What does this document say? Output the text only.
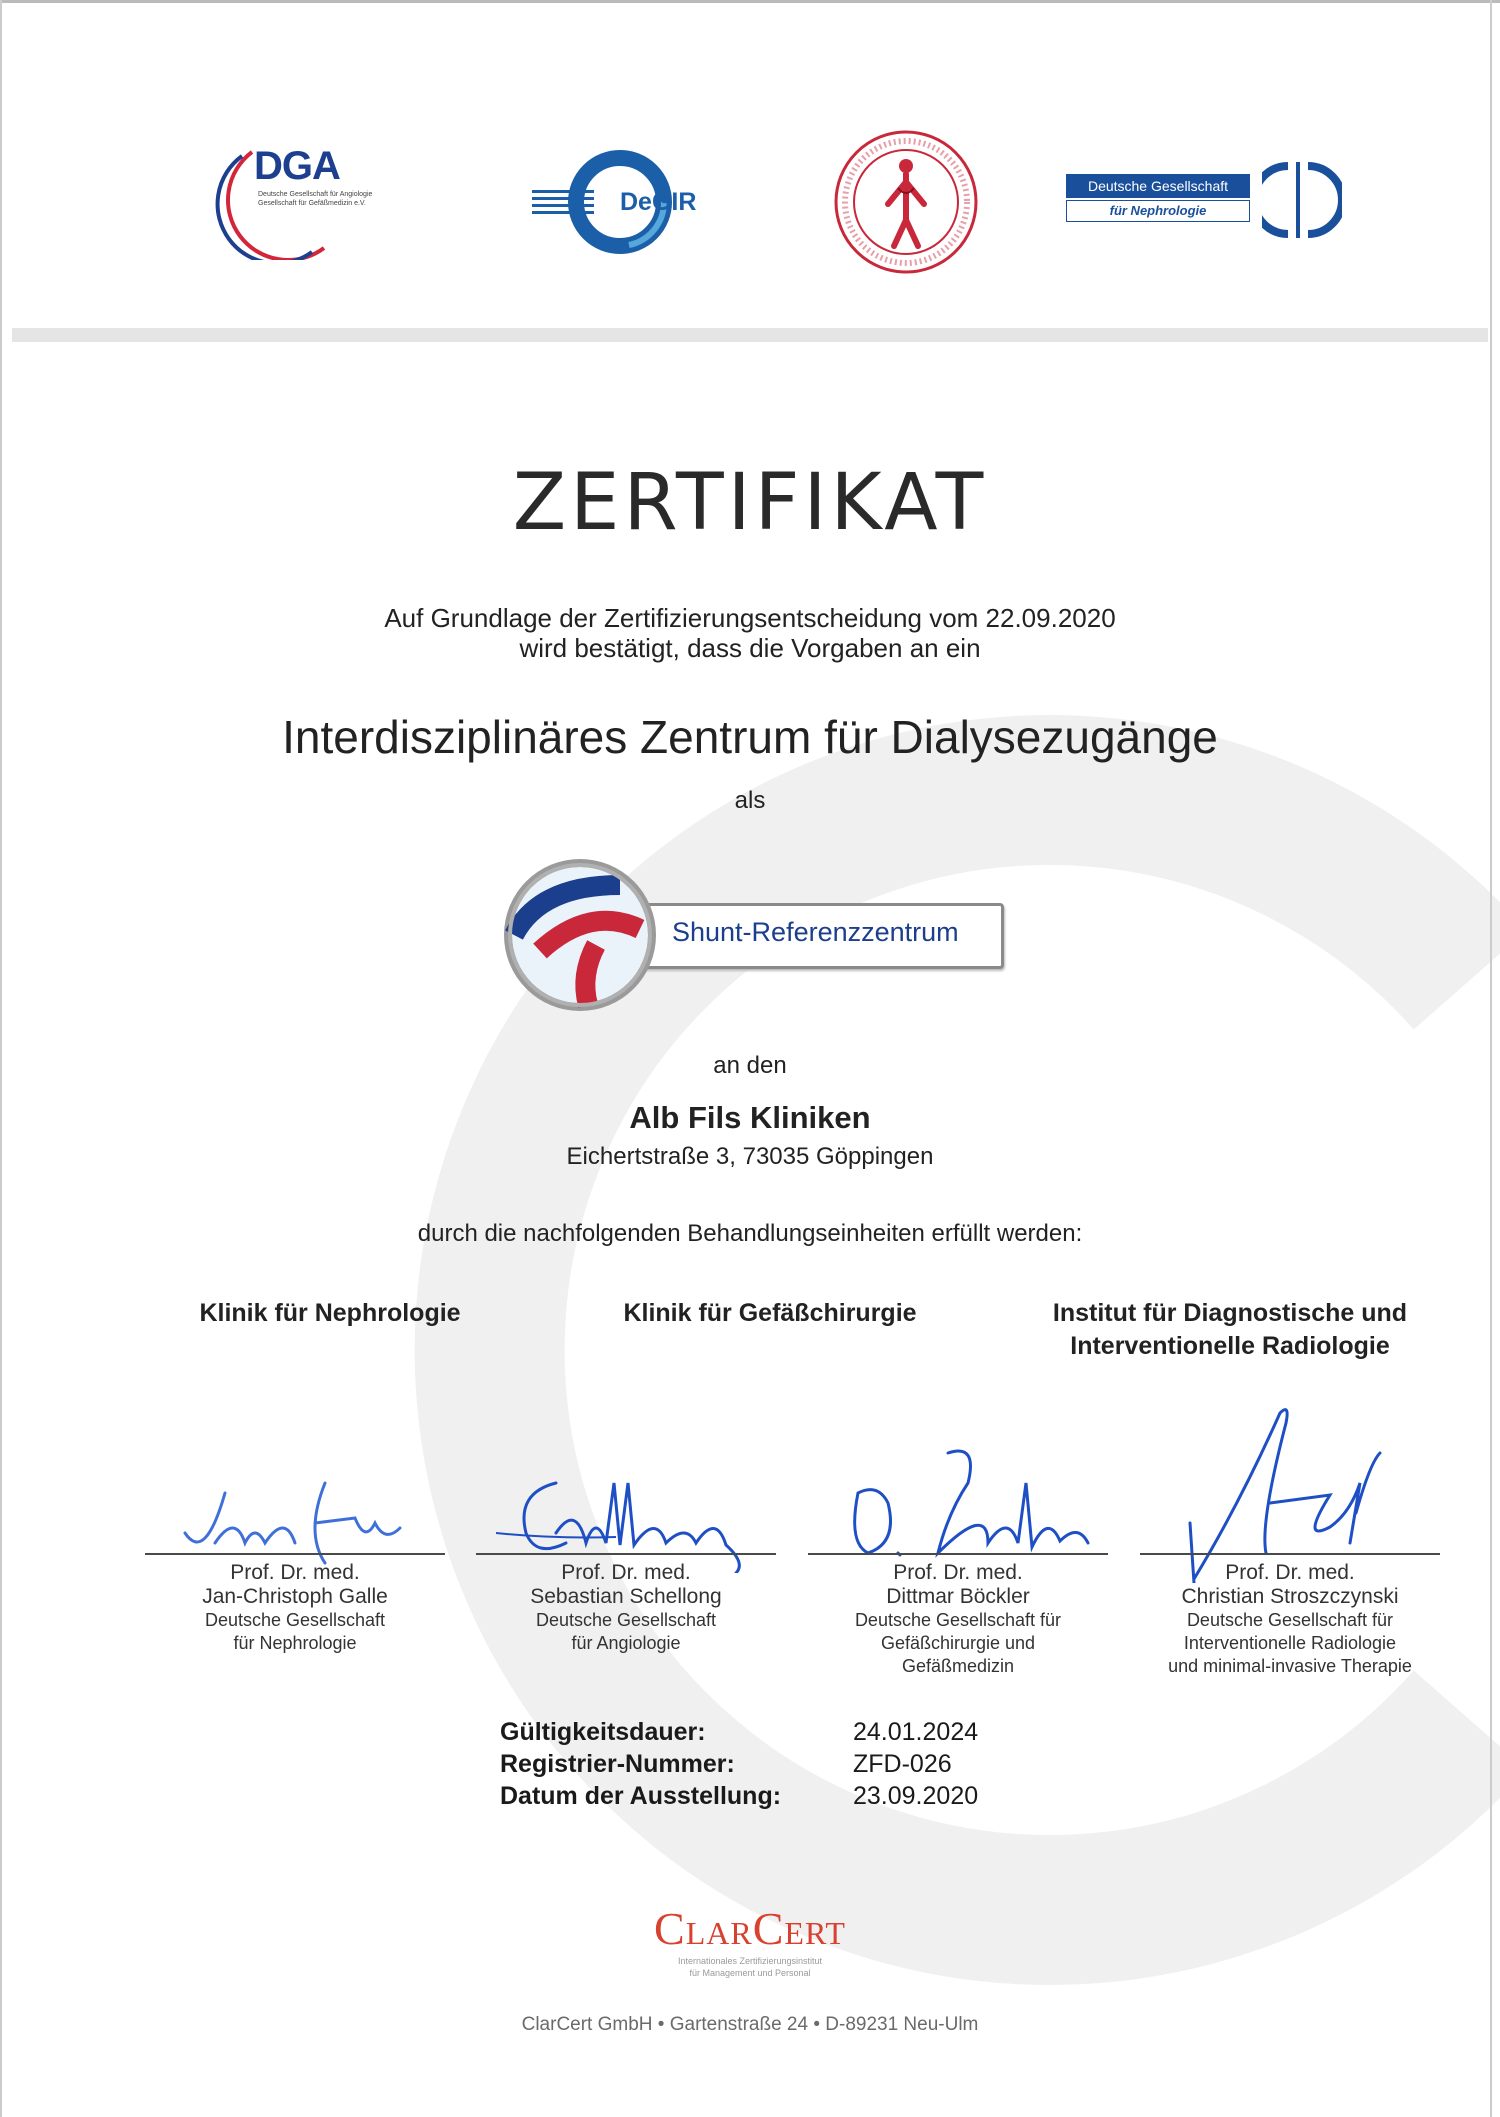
DGA
Deutsche Gesellschaft für Angiologie
Gesellschaft für Gefäßmedizin e.V.	DeGIR
Deutsche Gesellschaft
für Nephrologie
ZERTIFIKAT
Auf Grundlage der Zertifizierungsentscheidung vom 22.09.2020
wird bestätigt, dass die Vorgaben an ein
Interdisziplinäres Zentrum für Dialysezugänge
als
Shunt-Referenzzentrum
an den
Alb Fils Kliniken
Eichertstraße 3, 73035 Göppingen
durch die nachfolgenden Behandlungseinheiten erfüllt werden:
Klinik für Nephrologie	Klinik für Gefäßchirurgie	Institut für Diagnostische und
Interventionelle Radiologie
Prof. Dr. med.
Jan-Christoph Galle
Deutsche Gesellschaft
für Nephrologie
Prof. Dr. med.
Sebastian Schellong
Deutsche Gesellschaft
für Angiologie
Prof. Dr. med.
Dittmar Böckler
Deutsche Gesellschaft für
Gefäßchirurgie und
Gefäßmedizin
Prof. Dr. med.
Christian Stroszczynski
Deutsche Gesellschaft für
Interventionelle Radiologie
und minimal-invasive Therapie
Gültigkeitsdauer:	24.01.2024
Registrier-Nummer:	ZFD-026
Datum der Ausstellung:	23.09.2020
ClarCert
Internationales Zertifizierungsinstitut
für Management und Personal
ClarCert GmbH • Gartenstraße 24 • D-89231 Neu-Ulm
